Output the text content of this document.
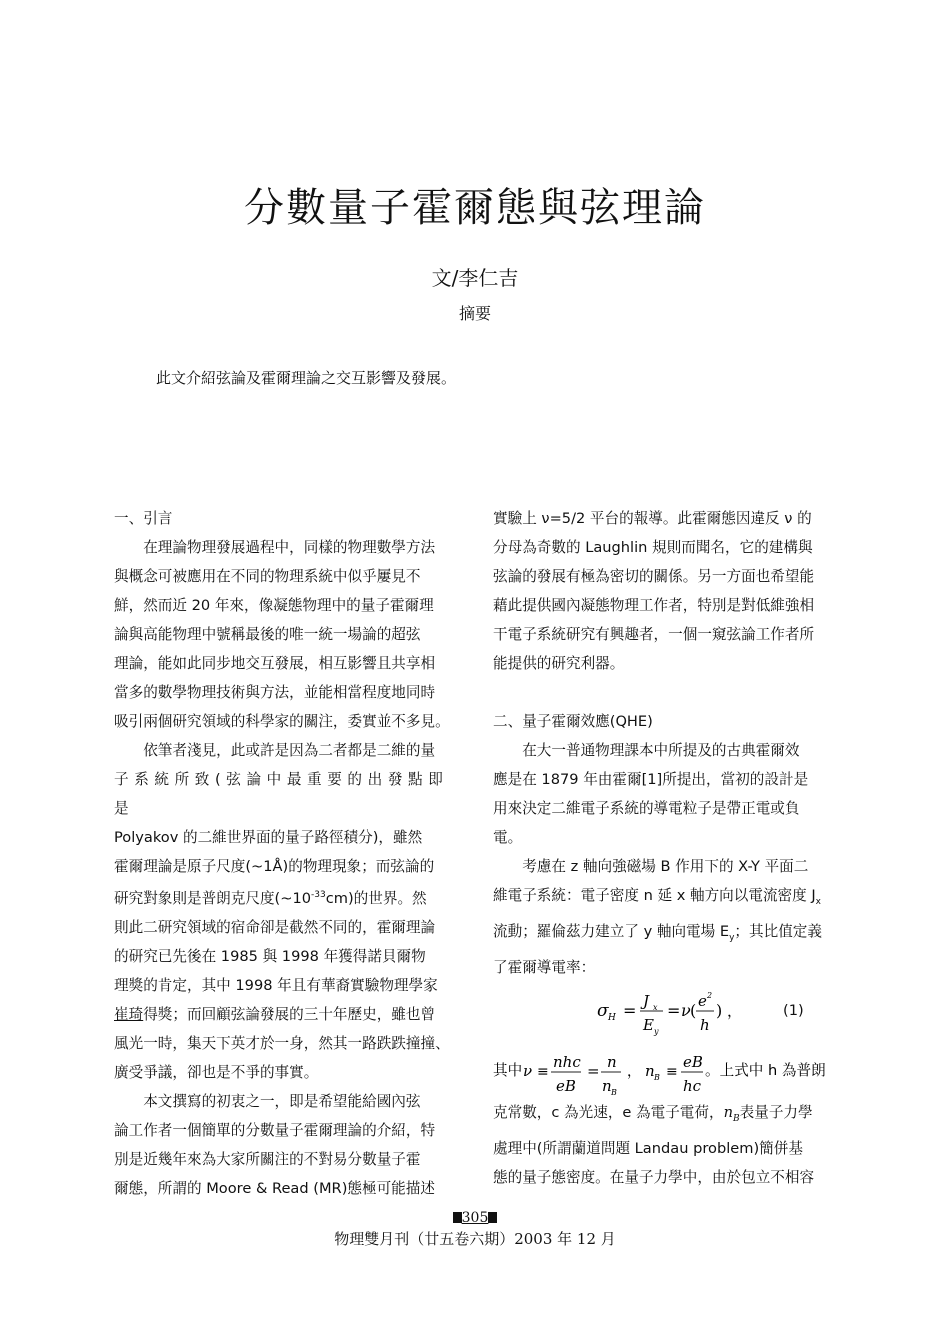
分數量子霍爾態與弦理論
文/李仁吉
摘要
此文介紹弦論及霍爾理論之交互影響及發展。
一、引言
在理論物理發展過程中，同樣的物理數學方法
與概念可被應用在不同的物理系統中似乎屢見不
鮮，然而近 20 年來，像凝態物理中的量子霍爾理
論與高能物理中號稱最後的唯一統一場論的超弦
理論，能如此同步地交互發展，相互影響且共享相
當多的數學物理技術與方法，並能相當程度地同時
吸引兩個研究領域的科學家的關注，委實並不多見。
依筆者淺見，此或許是因為二者都是二維的量
子系統所致(弦論中最重要的出發點即是
Polyakov 的二維世界面的量子路徑積分)，雖然
霍爾理論是原子尺度(~1Å)的物理現象；而弦論的
研究對象則是普朗克尺度$(\sim 10^{-33}cm)$的世界。然
則此二研究領域的宿命卻是截然不同的，霍爾理論
的研究已先後在 1985 與 1998 年獲得諾貝爾物
理獎的肯定，其中 1998 年且有華裔實驗物理學家
崔琦得獎；而回顧弦論發展的三十年歷史，雖也曾
風光一時，集天下英才於一身，然其一路跌跌撞撞、
廣受爭議，卻也是不爭的事實。
本文撰寫的初衷之一，即是希望能給國內弦
論工作者一個簡單的分數量子霍爾理論的介紹，特
別是近幾年來為大家所關注的不對易分數量子霍
爾態，所謂的 Moore & Read (MR)態極可能描述
實驗上 ν=5/2 平台的報導。此霍爾態因違反 ν 的
分母為奇數的 Laughlin 規則而聞名，它的建構與
弦論的發展有極為密切的關係。另一方面也希望能
藉此提供國內凝態物理工作者，特別是對低維強相
干電子系統研究有興趣者，一個一窺弦論工作者所
能提供的研究利器。
二、量子霍爾效應(QHE)
在大一普通物理課本中所提及的古典霍爾效
應是在 1879 年由霍爾[1]所提出，當初的設計是
用來決定二維電子系統的導電粒子是帶正電或負
電。
考慮在 z 軸向強磁場 B 作用下的 X-Y 平面二
維電子系統：電子密度 n 延 x 軸方向以電流密度 $J_x$
流動；羅倫茲力建立了 y 軸向電場 $E_y$；其比值定義
了霍爾導電率：
σ H = J x
E y
= ν ( e 2
h
) ，	(1)
其中 ν ≡
nhc
eB
= n
n B
， n B ≡
eB
hc
。上式中 h 為普朗
克常數，c 為光速，e 為電子電荷，$n_B$表量子力學
處理中(所謂蘭道問題 Landau problem)簡併基
態的量子態密度。在量子力學中，由於包立不相容
305
物理雙月刊（廿五卷六期）2003 年 12 月
